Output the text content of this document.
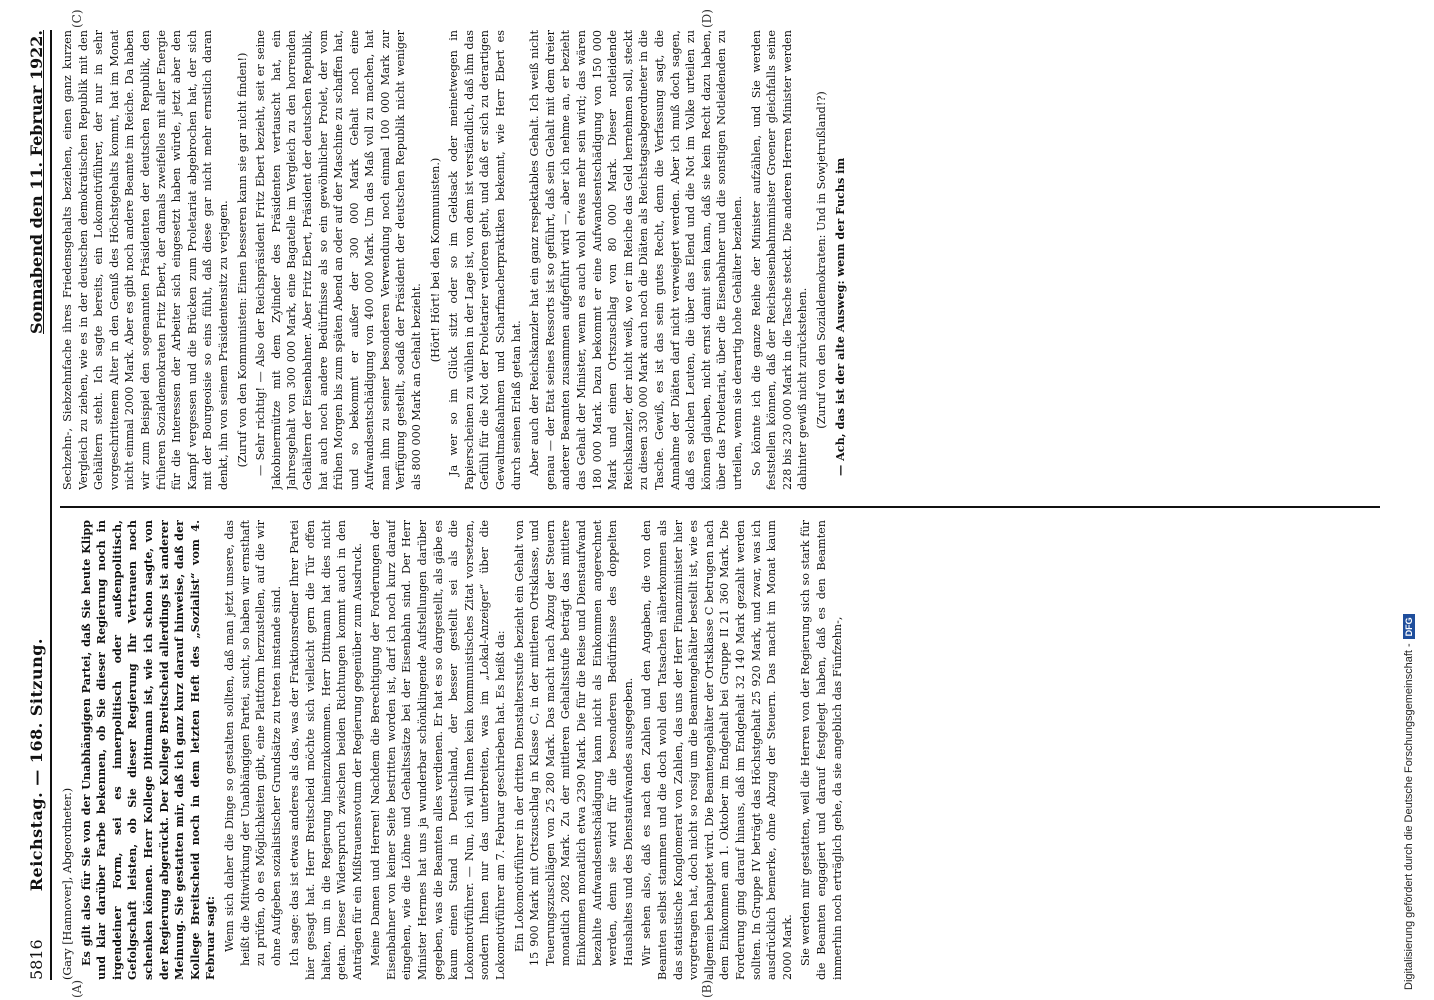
5816
Reichstag. — 168. Sitzung.
Sonnabend den 11. Februar 1922.
(A)	(B)
(C)	(D)

(Gary [Hannover], Abgeordneter.) Es gilt also für Sie von der Unabhängigen Partei, daß Sie heute Klipp und klar darüber Farbe bekennen, ob Sie dieser Regierung noch in irgendeiner Form, sei es innerpolitisch oder außenpolitisch, Gefolgschaft leisten, ob Sie dieser Regierung Ihr Vertrauen noch schenken können. Herr Kollege Dittmann ist, wie ich schon sagte, von der Regierung abgerückt. Der Kollege Breitscheid allerdings ist anderer Meinung. Sie gestatten mir, daß ich ganz kurz darauf hinweise, daß der Kollege Breitscheid noch in dem letzten Heft des „Sozialist“ vom 4. Februar sagt: Wenn sich daher die Dinge so gestalten sollten, daß man jetzt unsere, das heißt die Mitwirkung der Unabhängigen Partei, sucht, so haben wir ernsthaft zu prüfen, ob es Möglichkeiten gibt, eine Plattform herzustellen, auf die wir ohne Aufgeben sozialistischer Grundsätze zu treten imstande sind. Ich sage: das ist etwas anderes als das, was der Fraktionsredner Ihrer Partei hier gesagt hat. Herr Breitscheid möchte sich vielleicht gern die Tür offen halten, um in die Regierung hineinzukommen. Herr Dittmann hat dies nicht getan. Dieser Widerspruch zwischen beiden Richtungen kommt auch in den Anträgen für ein Mißtrauensvotum der Regierung gegenüber zum Ausdruck. Meine Damen und Herren! Nachdem die Berechtigung der Forderungen der Eisenbahner von keiner Seite bestritten worden ist, darf ich noch kurz darauf eingehen, wie die Löhne und Gehaltssätze bei der Eisenbahn sind. Der Herr Minister Hermes hat uns ja wunderbar schönklingende Aufstellungen darüber gegeben, was die Beamten alles verdienen. Er hat es so dargestellt, als gäbe es kaum einen Stand in Deutschland, der besser gestellt sei als die Lokomotivführer. — Nun, ich will Ihnen kein kommunistisches Zitat vorsetzen, sondern Ihnen nur das unterbreiten, was im „Lokal-Anzeiger“ über die Lokomotivführer am 7. Februar geschrieben hat. Es heißt da: Ein Lokomotivführer in der dritten Dienstaltersstufe bezieht ein Gehalt von 15 900 Mark mit Ortszuschlag in Klasse C, in der mittleren Ortsklasse, und Teuerungszuschlägen von 25 280 Mark. Das macht nach Abzug der Steuern monatlich 2082 Mark. Zu der mittleren Gehaltsstufe beträgt das mittlere Einkommen monatlich etwa 2390 Mark. Die für die Reise und Dienstaufwand bezahlte Aufwandsentschädigung kann nicht als Einkommen angerechnet werden, denn sie wird für die besonderen Bedürfnisse des doppelten Haushaltes und des Dienstaufwandes ausgegeben. Wir sehen also, daß es nach den Zahlen und den Angaben, die von den Beamten selbst stammen und die doch wohl den Tatsachen näherkommen als das statistische Konglomerat von Zahlen, das uns der Herr Finanzminister hier vorgetragen hat, doch nicht so rosig um die Beamtengehälter bestellt ist, wie es allgemein behauptet wird. Die Beamtengehälter der Ortsklasse C betrugen nach dem Einkommen am 1. Oktober im Endgehalt bei Gruppe II 21 360 Mark. Die Forderung ging darauf hinaus, daß im Endgehalt 32 140 Mark gezahlt werden sollten. In Gruppe IV beträgt das Höchstgehalt 25 920 Mark, und zwar, was ich ausdrücklich bemerke, ohne Abzug der Steuern. Das macht im Monat kaum 2000 Mark. Sie werden mir gestatten, weil die Herren von der Regierung sich so stark für die Beamten engagiert und darauf festgelegt haben, daß es den Beamten immerhin noch erträglich gehe, da sie angeblich das Fünfzehn-,

Sechzehn-, Siebzehnfache ihres Friedensgehalts beziehen, einen ganz kurzen Vergleich zu ziehen, wie es in der deutschen demokratischen Republik mit den Gehältern steht. Ich sagte bereits, ein Lokomotivführer, der nur in sehr vorgeschrittenem Alter in den Genuß des Höchstgehalts kommt, hat im Monat nicht einmal 2000 Mark. Aber es gibt noch andere Beamte im Reiche. Da haben wir zum Beispiel den sogenannten Präsidenten der deutschen Republik, den früheren Sozialdemokraten Fritz Ebert, der damals zweifellos mit aller Energie für die Interessen der Arbeiter sich eingesetzt haben würde, jetzt aber den Kampf vergessen und die Brücken zum Proletariat abgebrochen hat, der sich mit der Bourgeoisie so eins fühlt, daß diese gar nicht mehr ernstlich daran denkt, ihn von seinem Präsidentensitz zu verjagen. (Zuruf von den Kommunisten: Einen besseren kann sie gar nicht finden!) — Sehr richtig! — Also der Reichspräsident Fritz Ebert bezieht, seit er seine Jakobinermütze mit dem Zylinder des Präsidenten vertauscht hat, ein Jahresgehalt von 300 000 Mark, eine Bagatelle im Vergleich zu den horrenden Gehältern der Eisenbahner. Aber Fritz Ebert, Präsident der deutschen Republik, hat auch noch andere Bedürfnisse als so ein gewöhnlicher Prolet, der vom frühen Morgen bis zum späten Abend an oder auf der Maschine zu schaffen hat, und so bekommt er außer der 300 000 Mark Gehalt noch eine Aufwandsentschädigung von 400 000 Mark. Um das Maß voll zu machen, hat man ihm zu seiner besonderen Verwendung noch einmal 100 000 Mark zur Verfügung gestellt, sodaß der Präsident der deutschen Republik nicht weniger als 800 000 Mark an Gehalt bezieht.

(Hört! Hört! bei den Kommunisten.) Ja wer so im Glück sitzt oder so im Geldsack oder meinetwegen in Papierscheinen zu wühlen in der Lage ist, von dem ist verständlich, daß ihm das Gefühl für die Not der Proletarier verloren geht, und daß er sich zu derartigen Gewaltmaßnahmen und Scharfmacherpraktiken bekennt, wie Herr Ebert es durch seinen Erlaß getan hat. Aber auch der Reichskanzler hat ein ganz respektables Gehalt. Ich weiß nicht genau — der Etat seines Ressorts ist so geführt, daß sein Gehalt mit dem dreier anderer Beamten zusammen aufgeführt wird —, aber ich nehme an, er bezieht das Gehalt der Minister, wenn es auch wohl etwas mehr sein wird; das wären 180 000 Mark. Dazu bekommt er eine Aufwandsentschädigung von 150 000 Mark und einen Ortszuschlag von 80 000 Mark. Dieser notleidende Reichskanzler, der nicht weiß, wo er im Reiche das Geld hernehmen soll, steckt zu diesen 330 000 Mark auch noch die Diäten als Reichstagsabgeordneter in die Tasche. Gewiß, es ist das sein gutes Recht, denn die Verfassung sagt, die Annahme der Diäten darf nicht verweigert werden. Aber ich muß doch sagen, daß es solchen Leuten, die über das Elend und die Not im Volke urteilen zu können glauben, nicht ernst damit sein kann, daß sie kein Recht dazu haben, über das Proletariat, über die Eisenbahner und die sonstigen Notleidenden zu urteilen, wenn sie derartig hohe Gehälter beziehen. So könnte ich die ganze Reihe der Minister aufzählen, und Sie werden feststellen können, daß der Reichseisenbahnminister Groener gleichfalls seine 228 bis 230 000 Mark in die Tasche steckt. Die anderen Herren Minister werden dahinter gewiß nicht zurückstehen. (Zuruf von den Sozialdemokraten: Und in Sowjetrußland!?) — Ach, das ist der alte Ausweg: wenn der Fuchs im

Digitalisierung gefördert durch die Deutsche Forschungsgemeinschaft -
DFG
